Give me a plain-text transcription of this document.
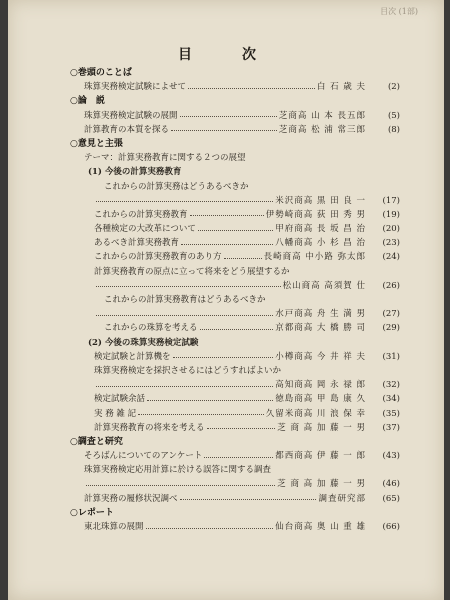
目次 (1部)
目　次
○巻頭のことば
珠算実務検定試験によせて	白 石 歳 夫	(2)
○論　説
珠算実務検定試験の展開	芝商高 山 本 長五郎	(5)
計算教育の本質を探る	芝商高 松 浦 常三郎	(8)
○意見と主張
テーマ：計算実務教育に関する２つの展望
(1) 今後の計算実務教育
これからの計算実務はどうあるべきか
米沢商高 黒 田 良 一	(17)
これからの計算実務教育	伊勢崎商高 荻 田 秀 男	(19)
各種検定の大改革について	甲府商高 長 坂 昌 治	(20)
あるべき計算実務教育	八幡商高 小 杉 昌 治	(23)
これからの計算実務教育のあり方	長崎商高 中小路 弥太郎	(24)
計算実務教育の原点に立って将来をどう展望するか
松山商高 高須賀 仕	(26)
これからの計算実務教育はどうあるべきか
水戸商高 舟 生 満 男	(27)
これからの珠算を考える	京都商高 大 橋 勝 司	(29)
(2) 今後の珠算実務検定試験
検定試験と計算機を	小樽商高 今 井 祥 夫	(31)
珠算実務検定を採択させるにはどうすればよいか
高知商高 岡 永 禄 郎	(32)
検定試験余話	徳島商高 甲 島 康 久	(34)
実 務 雑 記	久留米商高 川 浪 保 幸	(35)
計算実務教育の将来を考える	芝 商 高 加 藤 一 男	(37)
○調査と研究
そろばんについてのアンケート	都西商高 伊 藤 一 郎	(43)
珠算実務検定応用計算に於ける誤答に関する調査
芝 商 高 加 藤 一 男	(46)
計算実務の履修状況調べ	調査研究部	(65)
○レポート
東北珠算の展開	仙台商高 奥 山 重 雄	(66)
